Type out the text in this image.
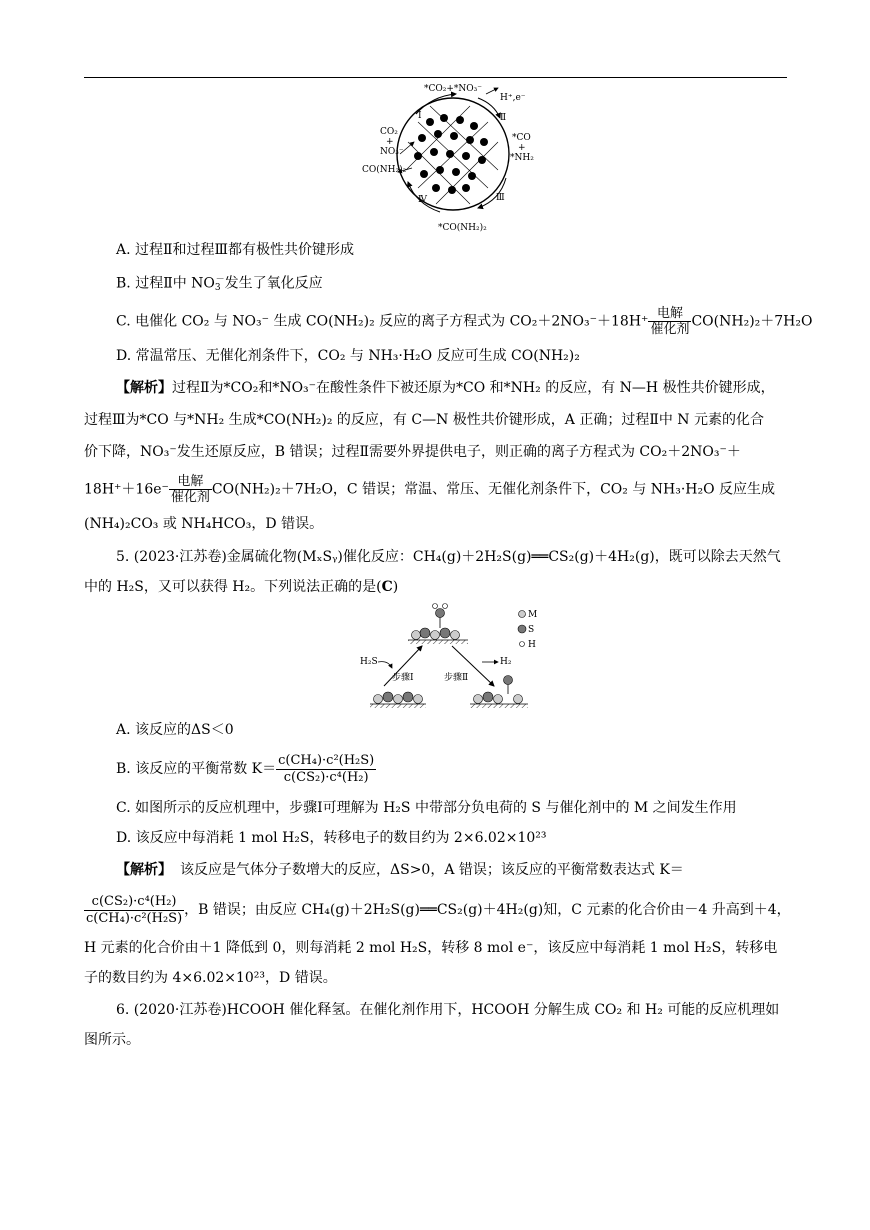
*CO₂+*NO₃⁻
H⁺,e⁻
CO₂
+
NO₃⁻
CO(NH₂)₂
*CO
+
*NH₂
*CO(NH₂)₂
Ⅰ	Ⅱ
Ⅲ
Ⅳ
A. 过程Ⅱ和过程Ⅲ都有极性共价键形成
B. 过程Ⅱ中 $NO_3^-$发生了氧化反应
C. 电催化 CO₂ 与 NO₃⁻ 生成 CO(NH₂)₂ 反应的离子方程式为 CO₂＋2NO₃⁻＋18H⁺ 电解
催化剂 CO(NH₂)₂＋7H₂O
D. 常温常压、无催化剂条件下，CO₂ 与 NH₃·H₂O 反应可生成 CO(NH₂)₂
【解析】过程Ⅱ为*CO₂和*NO₃⁻在酸性条件下被还原为*CO 和*NH₂ 的反应，有 N—H 极性共价键形成，
过程Ⅲ为*CO 与*NH₂ 生成*CO(NH₂)₂ 的反应，有 C—N 极性共价键形成，A 正确；过程Ⅱ中 N 元素的化合
价下降，NO₃⁻发生还原反应，B 错误；过程Ⅱ需要外界提供电子，则正确的离子方程式为 CO₂＋2NO₃⁻＋
18H⁺＋16e⁻ 电解
催化剂 CO(NH₂)₂＋7H₂O，C 错误；常温、常压、无催化剂条件下，CO₂ 与 NH₃·H₂O 反应生成
(NH₄)₂CO₃ 或 NH₄HCO₃，D 错误。
5. (2023·江苏卷)金属硫化物(MₓSᵧ)催化反应：CH₄(g)＋2H₂S(g)══CS₂(g)＋4H₂(g)，既可以除去天然气
中的 H₂S，又可以获得 H₂。下列说法正确的是(C)
M
S
H
H₂S	H₂
步骤Ⅰ	步骤Ⅱ
A. 该反应的ΔS＜0
B. 该反应的平衡常数 $K= \frac{\text{c(CH₄)·c²(H₂S)}}{\text{c(CS₂)·c⁴(H₂)}}$
C. 如图所示的反应机理中，步骤Ⅰ可理解为 H₂S 中带部分负电荷的 S 与催化剂中的 M 之间发生作用
D. 该反应中每消耗 1 mol H₂S，转移电子的数目约为 2×6.02×10²³
【解析】 该反应是气体分子数增大的反应，ΔS>0，A 错误；该反应的平衡常数表达式 K＝
$\frac{\text{c(CS₂)·c⁴(H₂)}}{\text{c(CH₄)·c²(H₂S)}}$ ，B 错误；由反应 CH₄(g)＋2H₂S(g)══CS₂(g)＋4H₂(g)知，C 元素的化合价由－4 升高到＋4，
H 元素的化合价由＋1 降低到 0，则每消耗 2 mol H₂S，转移 8 mol e⁻，该反应中每消耗 1 mol H₂S，转移电
子的数目约为 4×6.02×10²³，D 错误。
6. (2020·江苏卷)HCOOH 催化释氢。在催化剂作用下，HCOOH 分解生成 CO₂ 和 H₂ 可能的反应机理如
图所示。
